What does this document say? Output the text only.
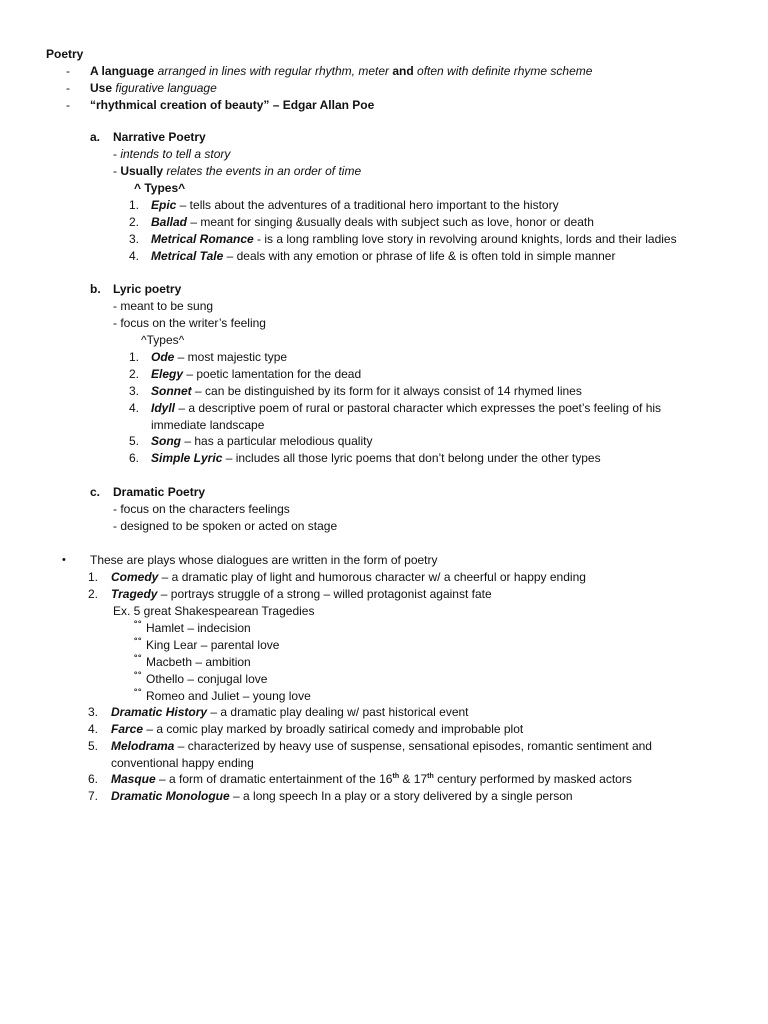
Poetry
- A language arranged in lines with regular rhythm, meter and often with definite rhyme scheme
- Use figurative language
- “rhythmical creation of beauty” – Edgar Allan Poe
a. Narrative Poetry
- intends to tell a story
- Usually relates the events in an order of time
^ Types^
1. Epic – tells about the adventures of a traditional hero important to the history
2. Ballad – meant for singing &usually deals with subject such as love, honor or death
3. Metrical Romance - is a long rambling love story in revolving around knights, lords and their ladies
4. Metrical Tale – deals with any emotion or phrase of life & is often told in simple manner
b. Lyric poetry
- meant to be sung
- focus on the writer’s feeling
^Types^
1. Ode – most majestic type
2. Elegy – poetic lamentation for the dead
3. Sonnet – can be distinguished by its form for it always consist of 14 rhymed lines
4. Idyll – a descriptive poem of rural or pastoral character which expresses the poet’s feeling of his
immediate landscape
5. Song – has a particular melodious quality
6. Simple Lyric – includes all those lyric poems that don’t belong under the other types
c. Dramatic Poetry
- focus on the characters feelings
- designed to be spoken or acted on stage
• These are plays whose dialogues are written in the form of poetry
1. Comedy – a dramatic play of light and humorous character w/ a cheerful or happy ending
2. Tragedy – portrays struggle of a strong – willed protagonist against fate
Ex. 5 great Shakespearean Tragedies
˚˚ Hamlet – indecision
˚˚ King Lear – parental love
˚˚ Macbeth – ambition
˚˚ Othello – conjugal love
˚˚ Romeo and Juliet – young love
3. Dramatic History – a dramatic play dealing w/ past historical event
4. Farce – a comic play marked by broadly satirical comedy and improbable plot
5. Melodrama – characterized by heavy use of suspense, sensational episodes, romantic sentiment and
conventional happy ending
6. Masque – a form of dramatic entertainment of the 16th & 17th century performed by masked actors
7. Dramatic Monologue – a long speech In a play or a story delivered by a single person
